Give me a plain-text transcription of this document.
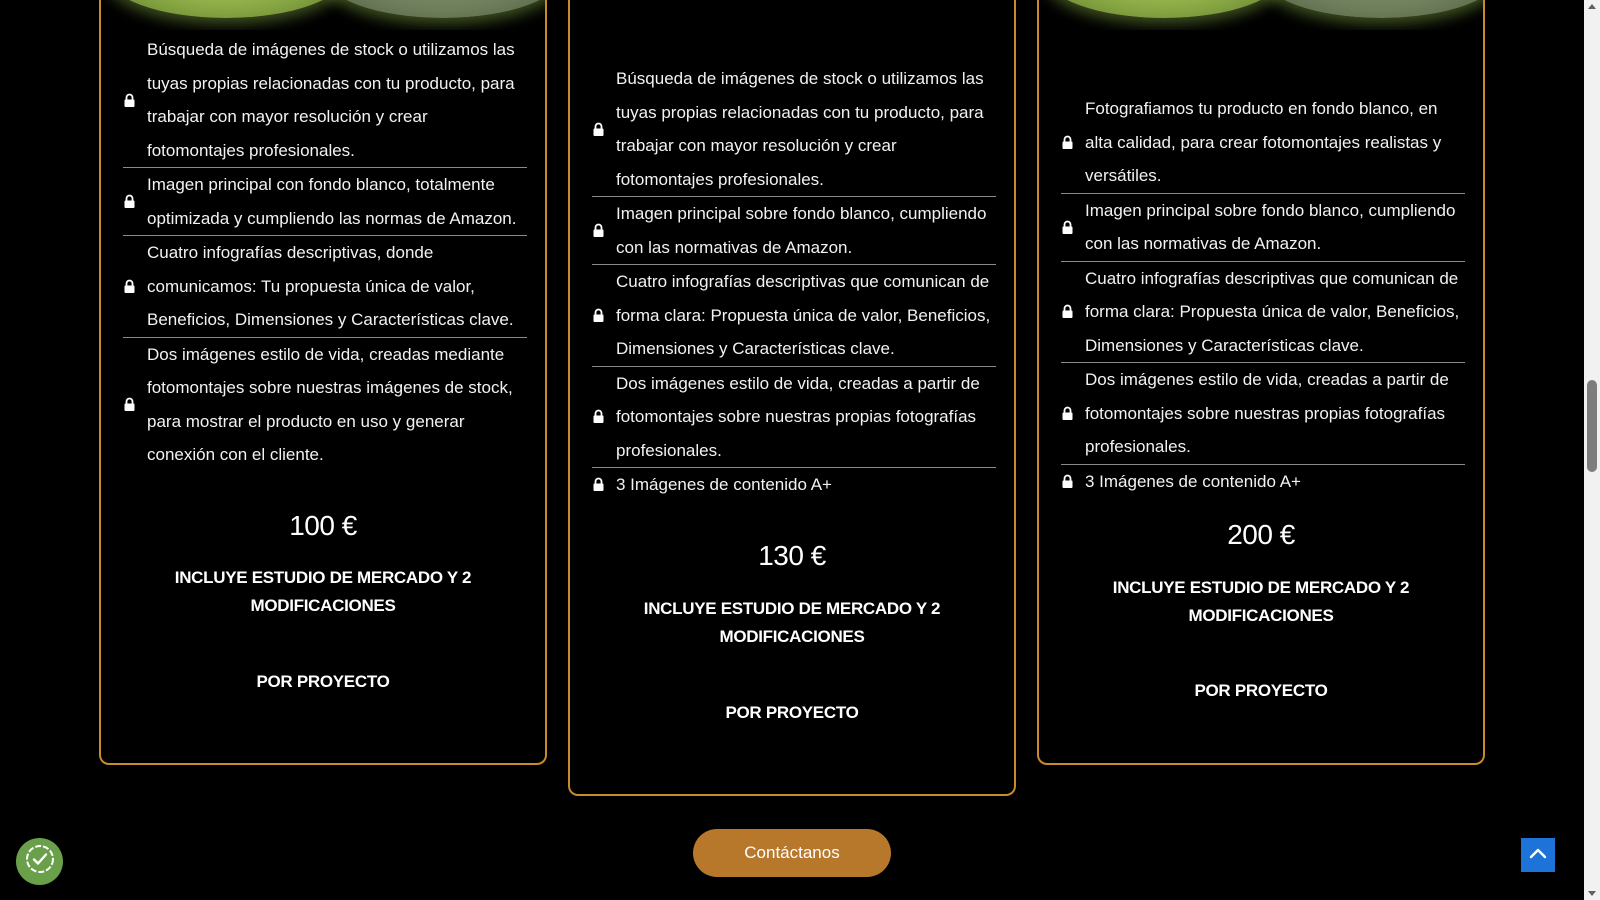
Búsqueda de imágenes de stock o utilizamos las tuyas propias relacionadas con tu producto, para trabajar con mayor resolución y crear fotomontajes profesionales.
Imagen principal con fondo blanco, totalmente optimizada y cumpliendo las normas de Amazon.
Cuatro infografías descriptivas, donde comunicamos: Tu propuesta única de valor, Beneficios, Dimensiones y Características clave.
Dos imágenes estilo de vida, creadas mediante fotomontajes sobre nuestras imágenes de stock, para mostrar el producto en uso y generar conexión con el cliente.
100 €
INCLUYE ESTUDIO DE MERCADO Y 2 MODIFICACIONES
POR PROYECTO
Búsqueda de imágenes de stock o utilizamos las tuyas propias relacionadas con tu producto, para trabajar con mayor resolución y crear fotomontajes profesionales.
Imagen principal sobre fondo blanco, cumpliendo con las normativas de Amazon.
Cuatro infografías descriptivas que comunican de forma clara: Propuesta única de valor, Beneficios, Dimensiones y Características clave.
Dos imágenes estilo de vida, creadas a partir de fotomontajes sobre nuestras propias fotografías profesionales.
3 Imágenes de contenido A+
130 €
INCLUYE ESTUDIO DE MERCADO Y 2 MODIFICACIONES
POR PROYECTO
Fotografiamos tu producto en fondo blanco, en alta calidad, para crear fotomontajes realistas y versátiles.
Imagen principal sobre fondo blanco, cumpliendo con las normativas de Amazon.
Cuatro infografías descriptivas que comunican de forma clara: Propuesta única de valor, Beneficios, Dimensiones y Características clave.
Dos imágenes estilo de vida, creadas a partir de fotomontajes sobre nuestras propias fotografías profesionales.
3 Imágenes de contenido A+
200 €
INCLUYE ESTUDIO DE MERCADO Y 2 MODIFICACIONES
POR PROYECTO
Contáctanos
